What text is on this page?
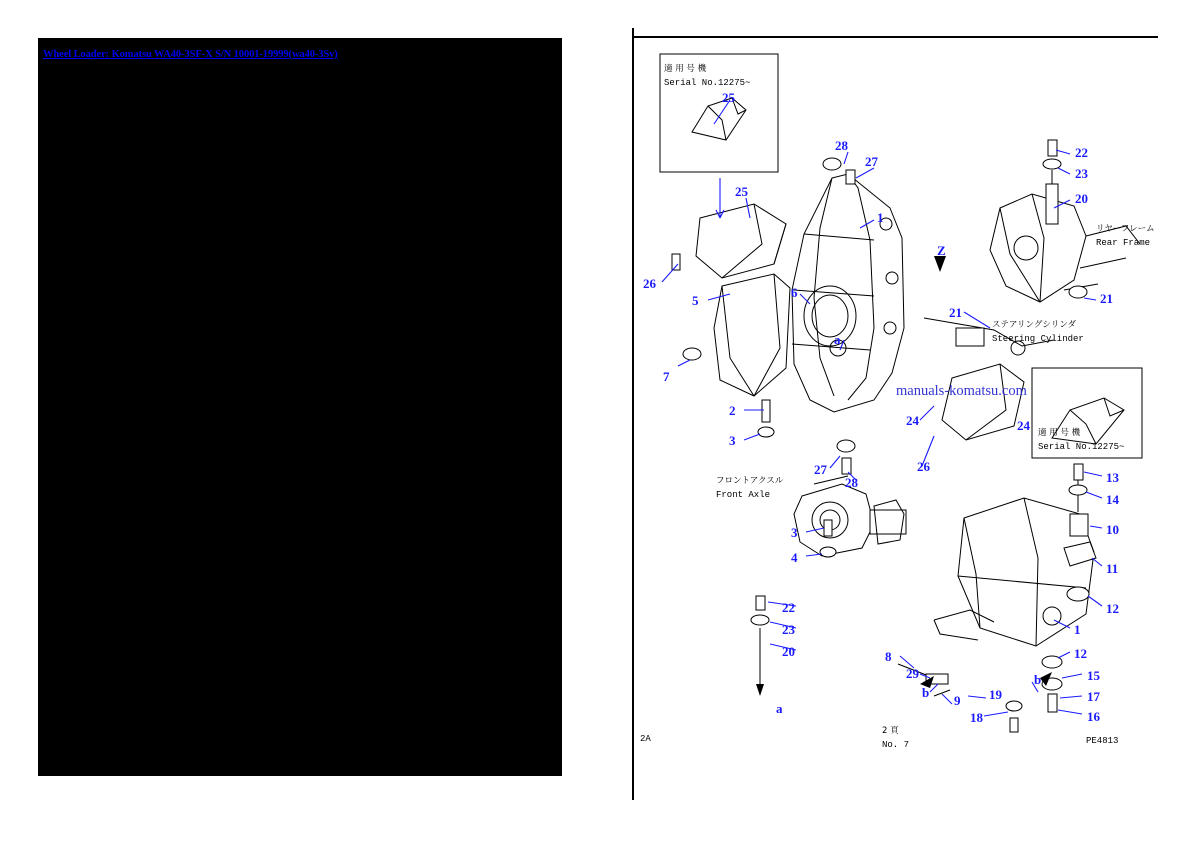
Wheel Loader: Komatsu WA40-3SF-X S/N 10001-19999(wa40-3Sv)
適 用 号 機
Serial No.12275~
適 用 号 機
Serial No.12275~
フロントアクスル
Front Axle
リヤーフレーム
Rear Frame
ステアリングシリンダ
Steering Cylinder
2A
2 頁
No. 7	PE4813
manuals-komatsu.com
25
28
27
22
23
25	20
1
26
5
6
21
21
7
a
24	24
2
3
27
28
26
13
14
10
11
12
3
4
1
22
23
20	8
29
12
15
b
b
9 19	17
18	16
a
Z
